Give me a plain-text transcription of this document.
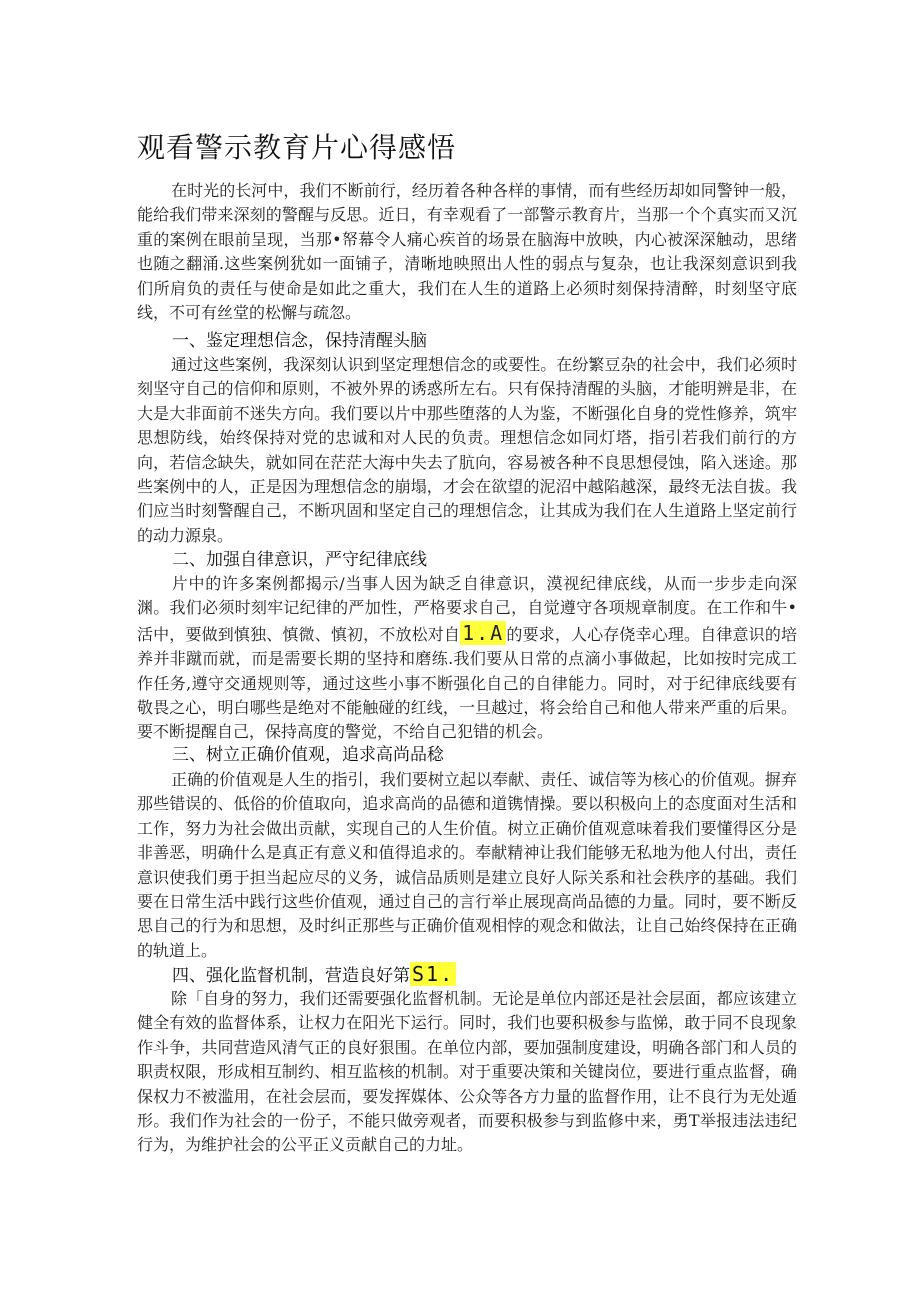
观看警示教育片心得感悟
在时光的长河中，我们不断前行，经历着各种各样的事情，而有些经历却如同警钟一般，能给我们带来深刻的警醒与反思。近日，有幸观看了一部警示教育片，当那一个个真实而又沉重的案例在眼前呈现，当那•帑幕令人痛心疾首的场景在脑海中放映，内心被深深触动，思绪也随之翻涌.这些案例犹如一面铺子，清晰地映照出人性的弱点与复杂，也让我深刻意识到我们所肩负的责任与使命是如此之重大，我们在人生的道路上必须时刻保持清醉，时刻坚守底线，不可有丝堂的松懈与疏忽。
一、鉴定理想信念，保持清醒头脑
通过这些案例，我深刻认识到坚定理想信念的或要性。在纷繁豆杂的社会中，我们必须时刻坚守自己的信仰和原则，不被外界的诱惑所左右。只有保持清醒的头脑，才能明辨是非，在大是大非面前不迷失方向。我们要以片中那些堕落的人为鉴，不断强化自身的党性修养，筑牢思想防线，始终保持对党的忠诚和对人民的负责。理想信念如同灯塔，指引若我们前行的方向，若信念缺失，就如同在茫茫大海中失去了肮向，容易被各种不良思想侵蚀，陷入迷途。那些案例中的人，正是因为理想信念的崩塌，才会在欲望的泥沼中越陷越深，最终无法自拔。我们应当时刻警醒自己，不断巩固和坚定自己的理想信念，让其成为我们在人生道路上坚定前行的动力源泉。
二、加强自律意识，严守纪律底线
片中的许多案例都揭示/当事人因为缺乏自律意识，漠视纪律底线，从而一步步走向深渊。我们必须时刻牢记纪律的严加性，严格要求自己，自觉遵守各项规章制度。在工作和牛•活中，要做到慎独、慎微、慎初，不放松对自 1.A 的要求，人心存侥幸心理。自律意识的培养并非蹴而就，而是需要长期的坚持和磨练.我们要从日常的点滴小事做起，比如按时完成工作任务,遵守交通规则等，通过这些小事不断强化自己的自律能力。同时，对于纪律底线要有敬畏之心，明白哪些是绝对不能触碰的红线，一旦越过，将会给自己和他人带来严重的后果。要不断提醒自己，保持高度的警觉，不给自己犯错的机会。
三、树立正确价值观，追求高尚品稔
正确的价值观是人生的指引，我们要树立起以奉献、责任、诚信等为核心的价值观。摒弃那些错误的、低俗的价值取向，追求高尚的品德和道镌情操。要以积极向上的态度面对生活和工作，努力为社会做出贡献，实现自己的人生价值。树立正确价值观意味着我们要懂得区分是非善恶，明确什么是真正有意义和值得追求的。奉献精神让我们能够无私地为他人付出，责任意识使我们勇于担当起应尽的义务，诚信品质则是建立良好人际关系和社会秩序的基础。我们要在日常生活中践行这些价值观，通过自己的言行举止展现高尚品德的力量。同时，要不断反思自己的行为和思想，及时纠正那些与正确价值观相悖的观念和做法，让自己始终保持在正确的轨道上。
四、强化监督机制，营造良好第 S1.
除「自身的努力，我们还需要强化监督机制。无论是单位内部还是社会层面，都应该建立健全有效的监督体系，让权力在阳光下运行。同时，我们也要积极参与监悌，敢于同不良现象作斗争，共同营造风清气正的良好狠围。在单位内部，要加强制度建设，明确各部门和人员的职责权限，形成相互制约、相互监核的机制。对于重要决策和关键岗位，要进行重点监督，确保权力不被滥用，在社会层而，要发挥媒体、公众等各方力量的监督作用，让不良行为无处遁形。我们作为社会的一份子，不能只做旁观者，而要积极参与到监修中来，勇T举报违法违纪行为，为维护社会的公平正义贡献自己的力址。
